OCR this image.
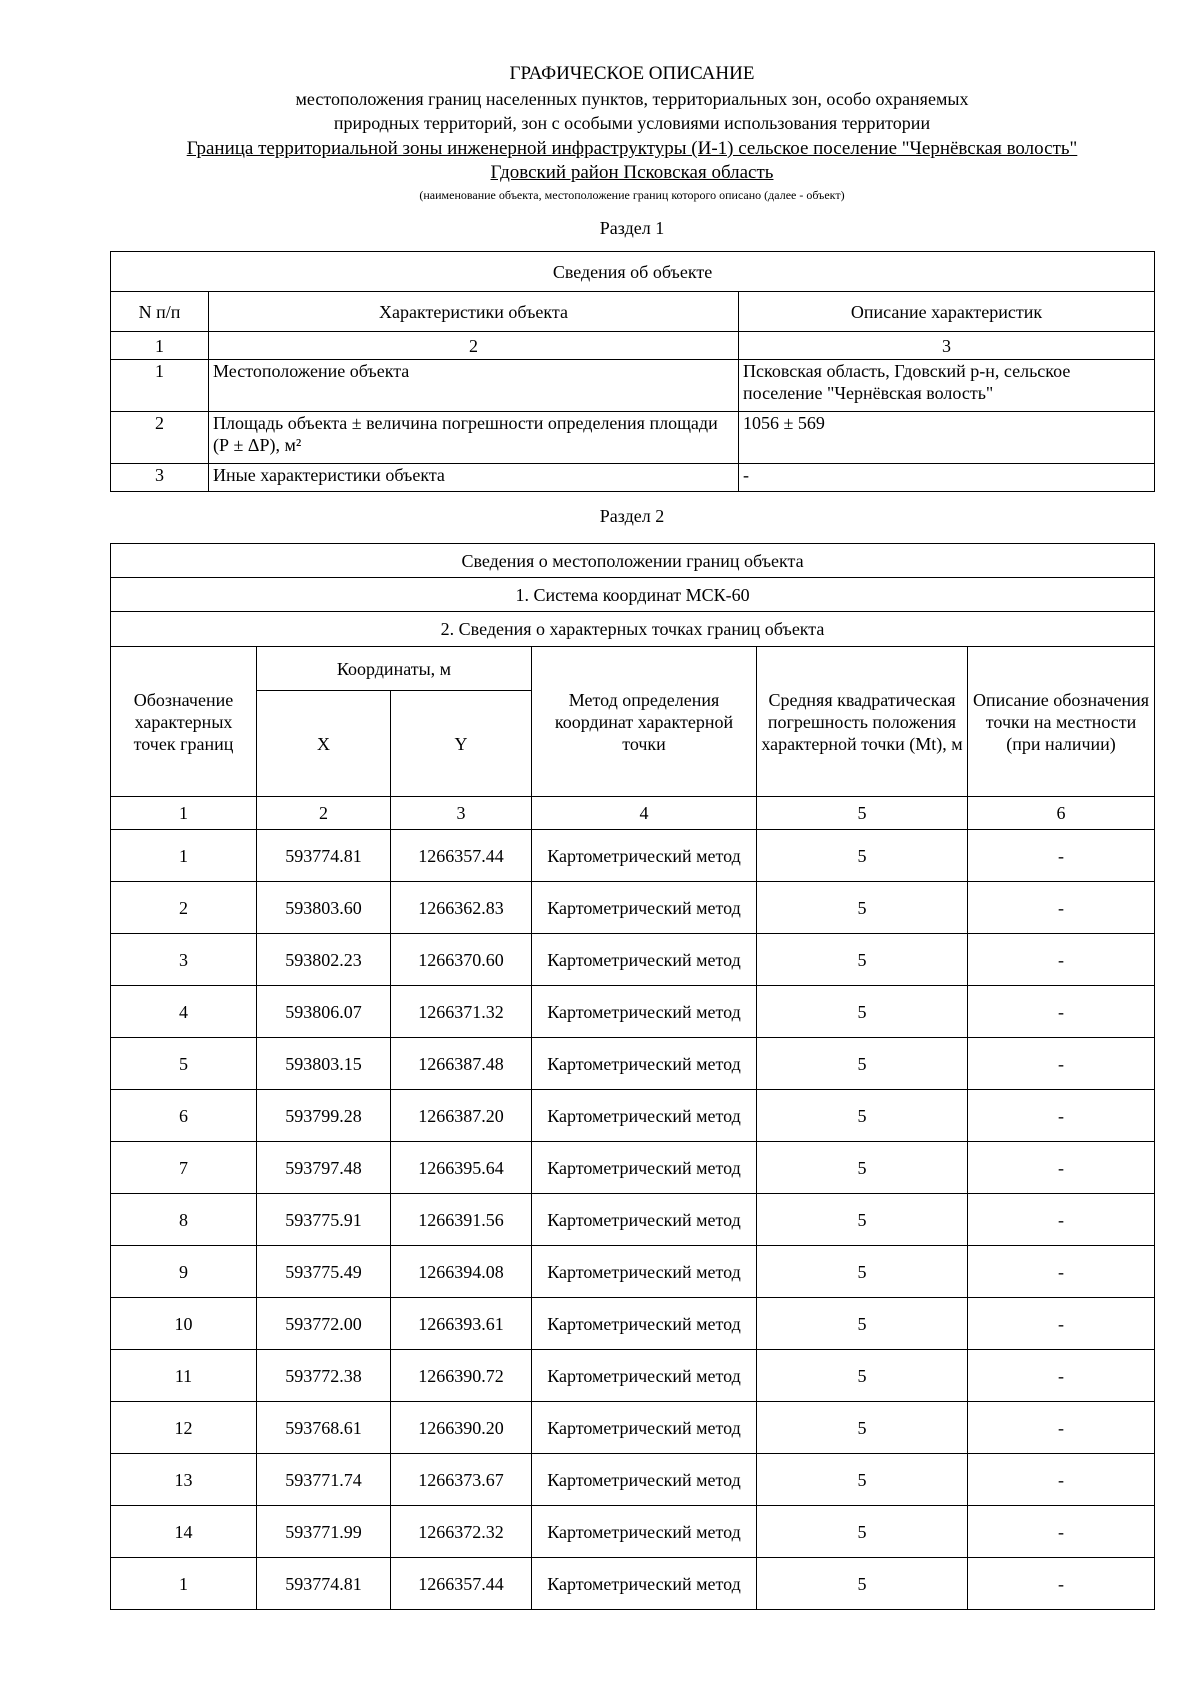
ГРАФИЧЕСКОЕ ОПИСАНИЕ
местоположения границ населенных пунктов, территориальных зон, особо охраняемых
природных территорий, зон с особыми условиями использования территории
Граница территориальной зоны инженерной инфраструктуры (И-1) сельское поселение "Чернёвская волость"
Гдовский район Псковская область
(наименование объекта, местоположение границ которого описано (далее - объект)
Раздел 1
Сведения об объекте		
N п/п	Характеристики объекта	Описание характеристик
1	2	3
1	Местоположение объекта	Псковская область, Гдовский р-н, сельское поселение "Чернёвская волость"
2	Площадь объекта ± величина погрешности определения площади (Р ± ΔР), м²	1056 ± 569
3	Иные характеристики объекта	-
Раздел 2
Сведения о местоположении границ объекта					
1. Система координат МСК-60					
2. Сведения о характерных точках границ объекта					
Обозначение характерных точек границ	Координаты, м		Метод определения координат характерной точки	Средняя квадратическая погрешность положения характерной точки (Mt), м	Описание обозначения точки на местности (при наличии)
	X	Y			
1	2	3	4	5	6
1	593774.81	1266357.44	Картометрический метод	5	-
2	593803.60	1266362.83	Картометрический метод	5	-
3	593802.23	1266370.60	Картометрический метод	5	-
4	593806.07	1266371.32	Картометрический метод	5	-
5	593803.15	1266387.48	Картометрический метод	5	-
6	593799.28	1266387.20	Картометрический метод	5	-
7	593797.48	1266395.64	Картометрический метод	5	-
8	593775.91	1266391.56	Картометрический метод	5	-
9	593775.49	1266394.08	Картометрический метод	5	-
10	593772.00	1266393.61	Картометрический метод	5	-
11	593772.38	1266390.72	Картометрический метод	5	-
12	593768.61	1266390.20	Картометрический метод	5	-
13	593771.74	1266373.67	Картометрический метод	5	-
14	593771.99	1266372.32	Картометрический метод	5	-
1	593774.81	1266357.44	Картометрический метод	5	-
